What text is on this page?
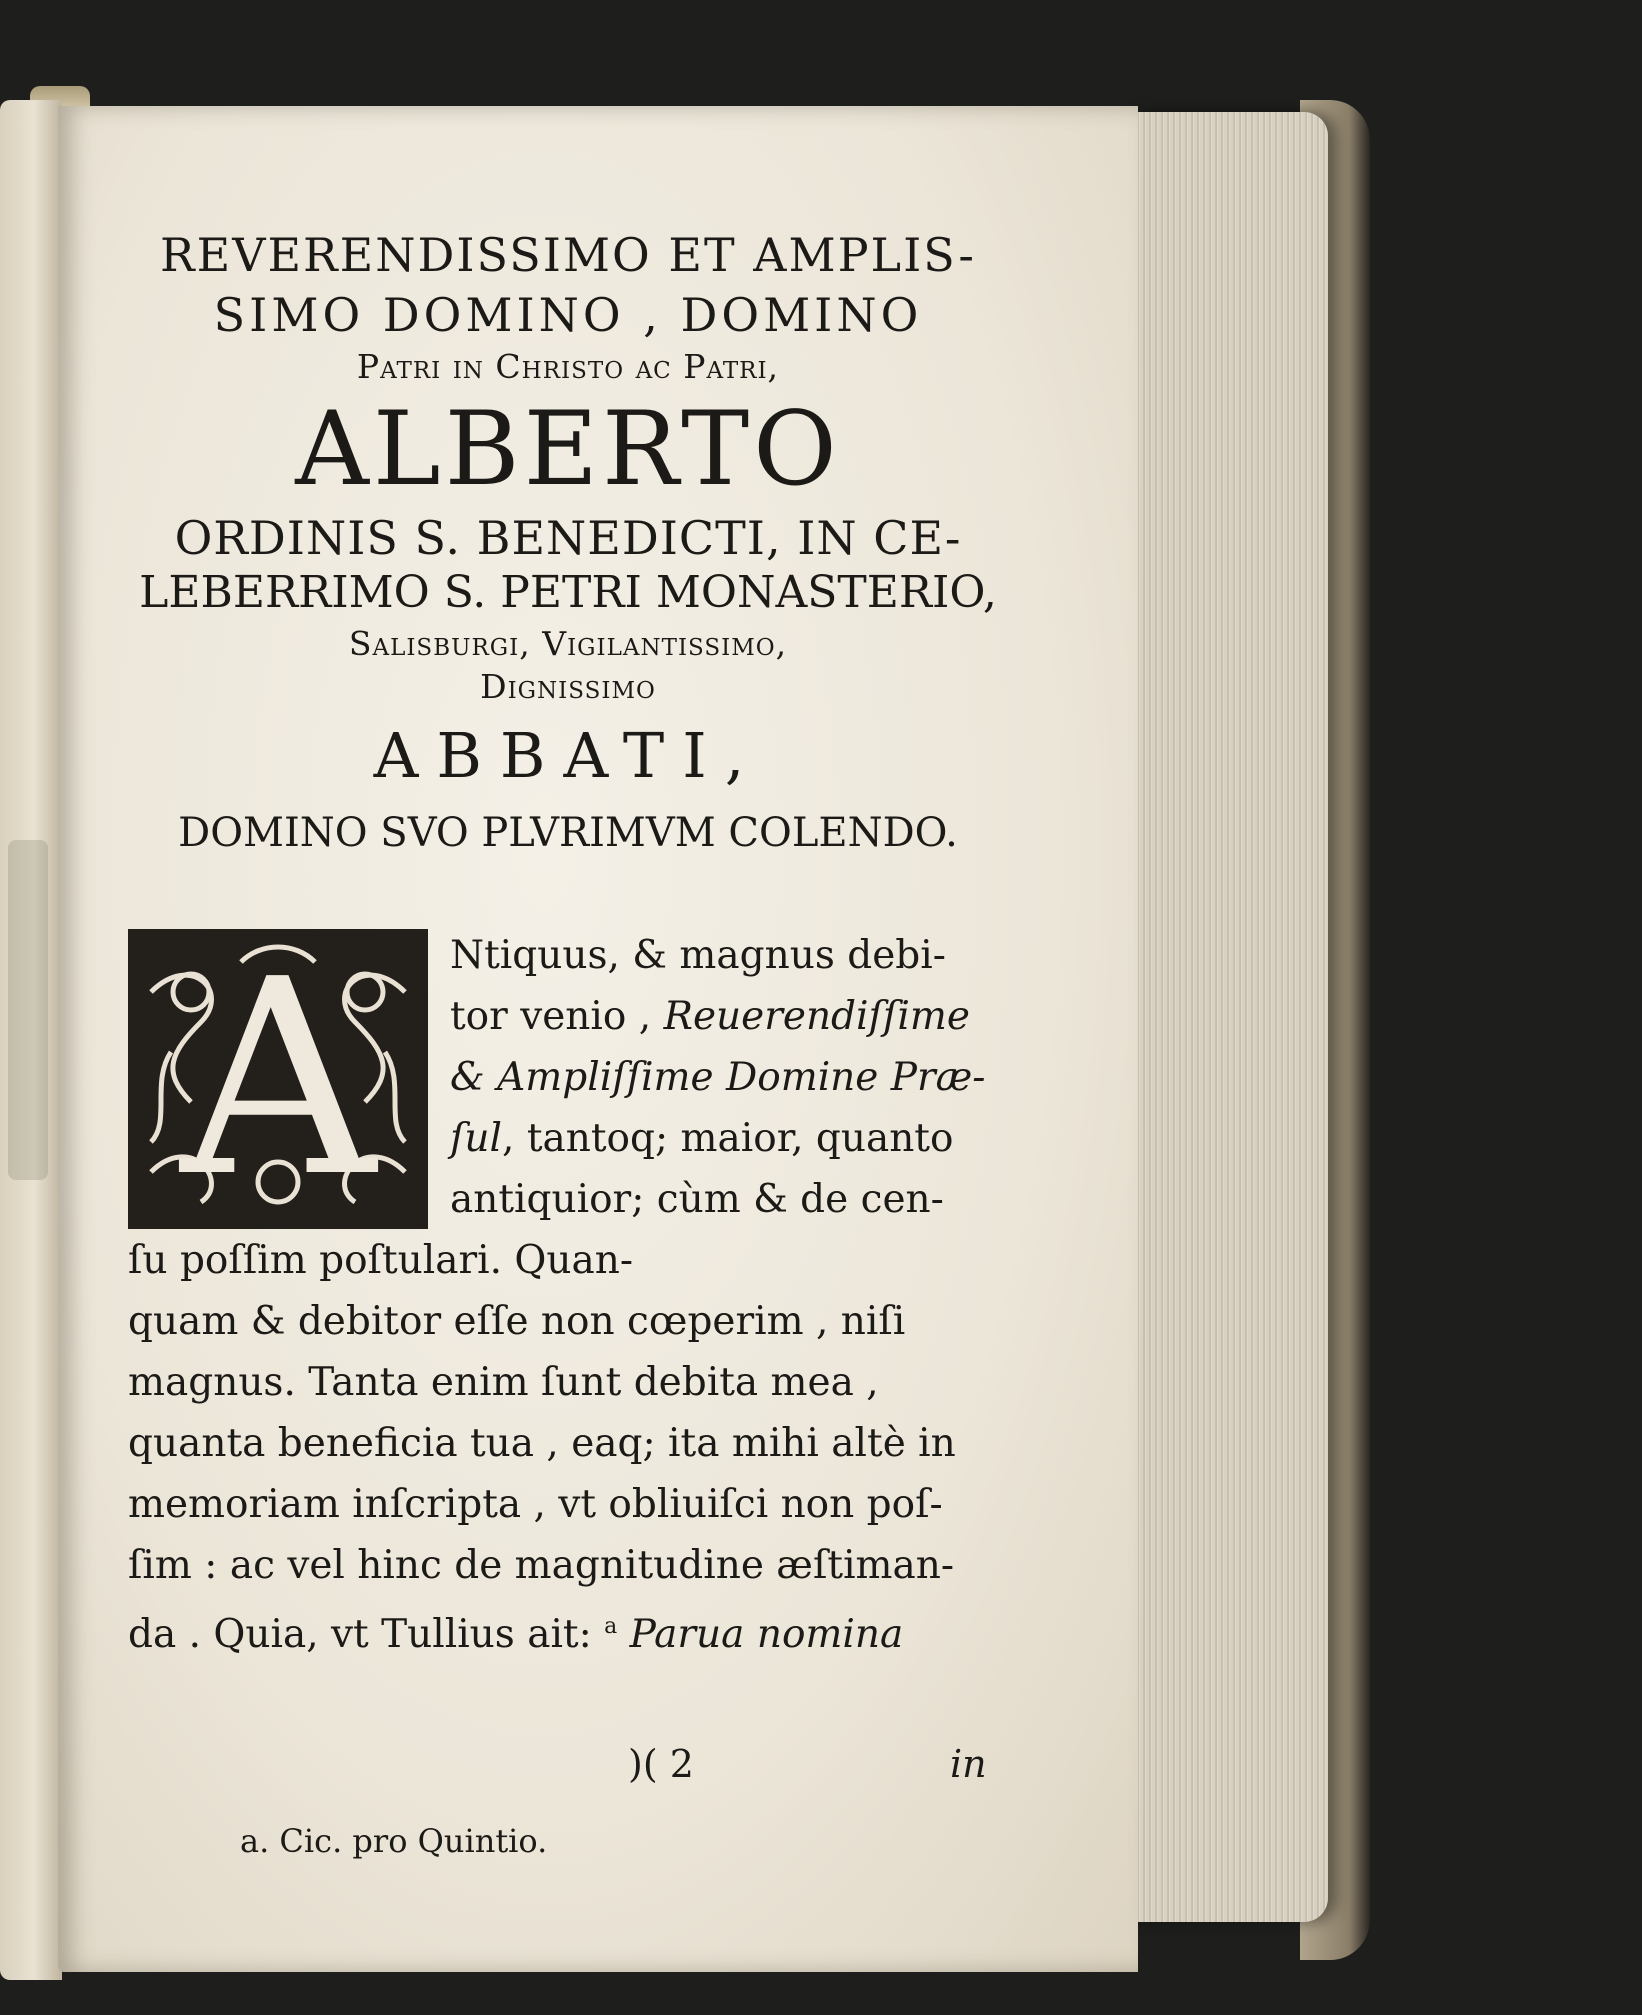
REVERENDISSIMO ET AMPLIS-
SIMO DOMINO , DOMINO
Patri in Christo ac Patri,
ALBERTO
ORDINIS S. BENEDICTI, IN CE-
LEBERRIMO S. PETRI MONASTERIO,
Salisburgi, Vigilantissimo,
Dignissimo
ABBATI,
DOMINO SVO PLVRIMVM COLENDO.
A	Ntiquus, & magnus debi-
tor venio , Reuerendiſſime
& Ampliſſime Domine Præ-
ſul, tantoq; maior, quanto
antiquior; cùm & de cen-
ſu poſſim poſtulari. Quan-
quam & debitor eſſe non cœperim , niſi
magnus. Tanta enim ſunt debita mea ,
quanta beneficia tua , eaq; ita mihi altè in
memoriam inſcripta , vt obliuiſci non poſ-
ſim : ac vel hinc de magnitudine æſtiman-
da . Quia, vt Tullius ait: $^a$ Parua nomina
)( 2	in
a. Cic. pro Quintio.
